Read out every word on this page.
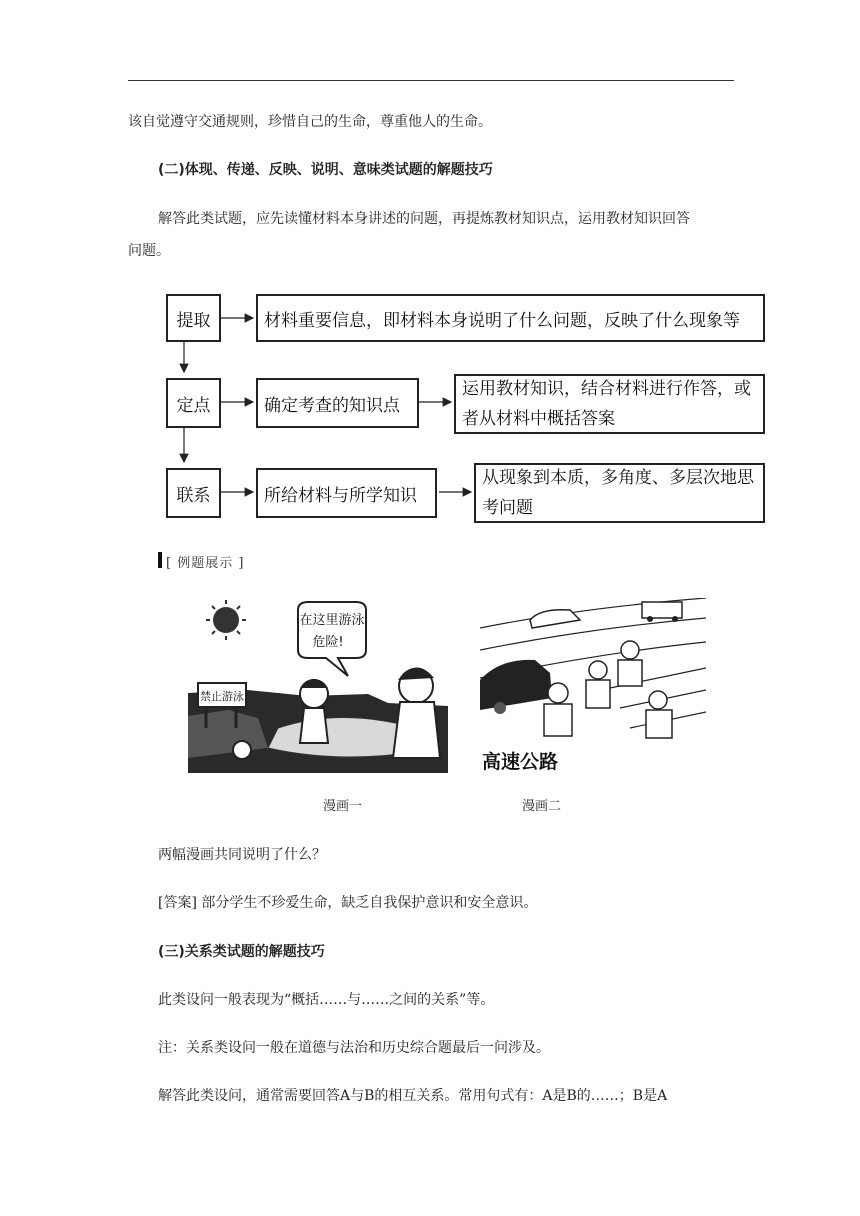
该自觉遵守交通规则，珍惜自己的生命，尊重他人的生命。
(二)体现、传递、反映、说明、意味类试题的解题技巧
解答此类试题，应先读懂材料本身讲述的问题，再提炼教材知识点，运用教材知识回答
问题。
提取	材料重要信息，即材料本身说明了什么问题，反映了什么现象等
定点	确定考查的知识点
运用教材知识，结合材料进行作答，或者从材料中概括答案
联系	所给材料与所学知识
从现象到本质，多角度、多层次地思考问题
[ 例题展示 ]
禁止游泳
在这里游泳
危险!
高速公路
漫画一	漫画二
两幅漫画共同说明了什么？
[答案] 部分学生不珍爱生命，缺乏自我保护意识和安全意识。
(三)关系类试题的解题技巧
此类设问一般表现为“概括……与……之间的关系”等。
注：关系类设问一般在道德与法治和历史综合题最后一问涉及。
解答此类设问，通常需要回答A与B的相互关系。常用句式有：A是B的……；B是A
